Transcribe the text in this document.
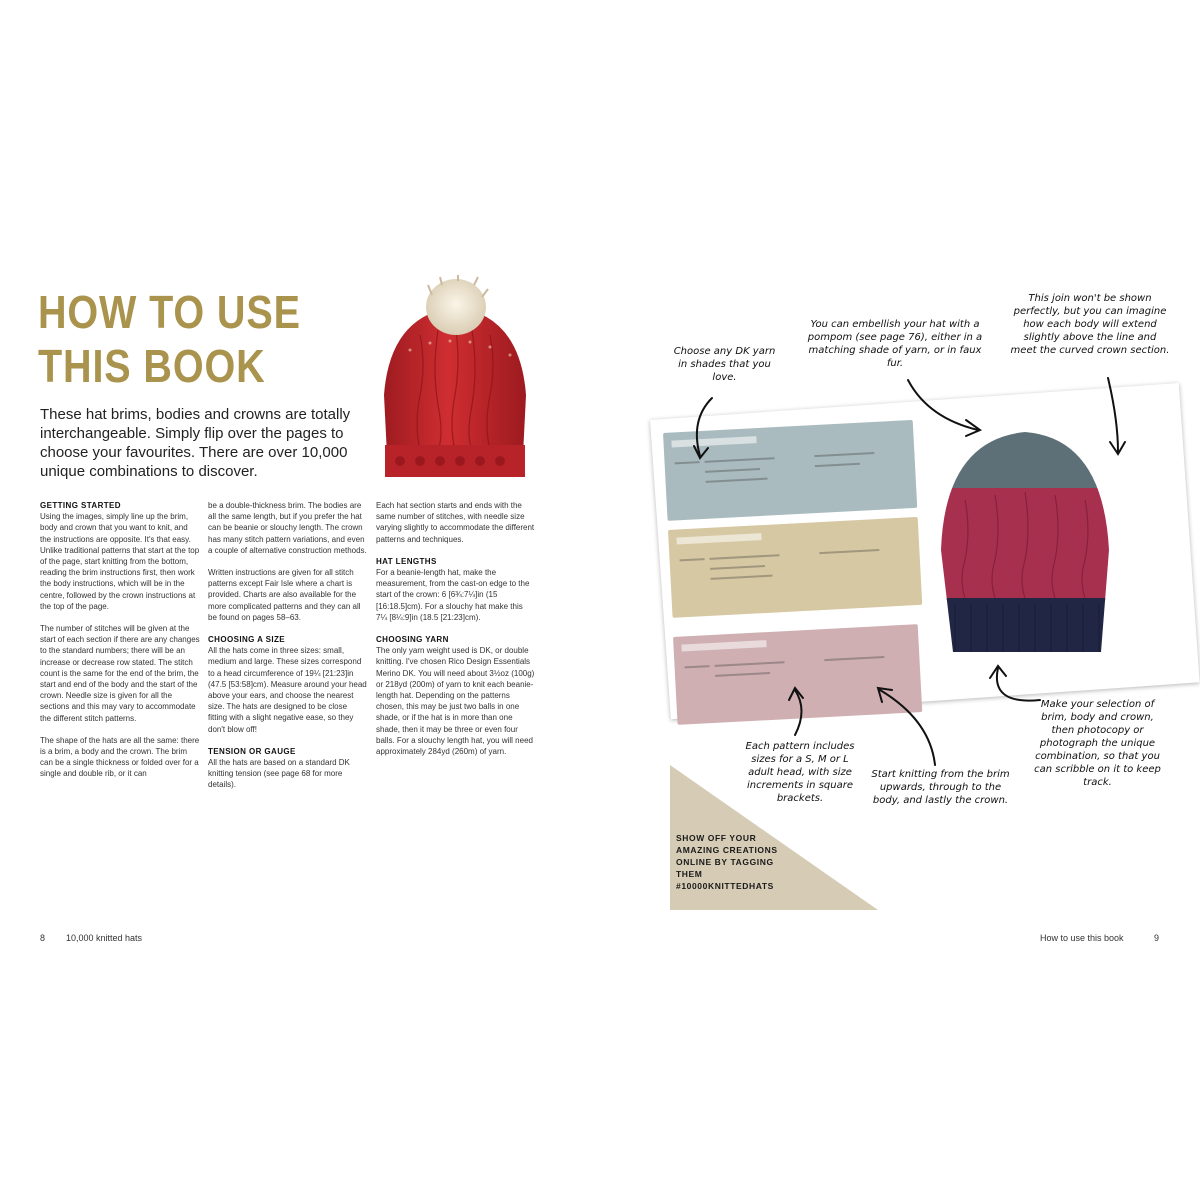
HOW TO USE
THIS BOOK
These hat brims, bodies and crowns are totally interchangeable. Simply flip over the pages to choose your favourites. There are over 10,000 unique combinations to discover.
GETTING STARTED

Using the images, simply line up the brim, body and crown that you want to knit, and the instructions are opposite. It's that easy. Unlike traditional patterns that start at the top of the page, start knitting from the bottom, reading the brim instructions first, then work the body instructions, which will be in the centre, followed by the crown instructions at the top of the page.

The number of stitches will be given at the start of each section if there are any changes to the standard numbers; there will be an increase or decrease row stated. The stitch count is the same for the end of the brim, the start and end of the body and the start of the crown. Needle size is given for all the sections and this may vary to accommodate the different stitch patterns.

The shape of the hats are all the same: there is a brim, a body and the crown. The brim can be a single thickness or folded over for a single and double rib, or it can

be a double-thickness brim. The bodies are all the same length, but if you prefer the hat can be beanie or slouchy length. The crown has many stitch pattern variations, and even a couple of alternative construction methods.

Written instructions are given for all stitch patterns except Fair Isle where a chart is provided. Charts are also available for the more complicated patterns and they can all be found on pages 58–63.

CHOOSING A SIZE

All the hats come in three sizes: small, medium and large. These sizes correspond to a head circumference of 19¼ [21:23]in (47.5 [53:58]cm). Measure around your head above your ears, and choose the nearest size. The hats are designed to be close fitting with a slight negative ease, so they don't blow off!

TENSION OR GAUGE

All the hats are based on a standard DK knitting tension (see page 68 for more details).

Each hat section starts and ends with the same number of stitches, with needle size varying slightly to accommodate the different patterns and techniques.

HAT LENGTHS

For a beanie-length hat, make the measurement, from the cast-on edge to the start of the crown: 6 [6¾:7¼]in (15 [16:18.5]cm). For a slouchy hat make this 7¼ [8¼:9]in (18.5 [21:23]cm).

CHOOSING YARN

The only yarn weight used is DK, or double knitting. I've chosen Rico Design Essentials Merino DK. You will need about 3½oz (100g) or 218yd (200m) of yarn to knit each beanie-length hat. Depending on the patterns chosen, this may be just two balls in one shade, or if the hat is in more than one shade, then it may be three or even four balls. For a slouchy length hat, you will need approximately 284yd (260m) of yarn.

8 10,000 knitted hats
Choose any DK yarn in shades that you love.
You can embellish your hat with a pompom (see page 76), either in a matching shade of yarn, or in faux fur.
This join won't be shown perfectly, but you can imagine how each body will extend slightly above the line and meet the curved crown section.
Each pattern includes sizes for a S, M or L adult head, with size increments in square brackets.
Start knitting from the brim upwards, through to the body, and lastly the crown.
Make your selection of brim, body and crown, then photocopy or photograph the unique combination, so that you can scribble on it to keep track.
SHOW OFF YOUR AMAZING CREATIONS ONLINE BY TAGGING THEM #10000KNITTEDHATS
How to use this book	9
